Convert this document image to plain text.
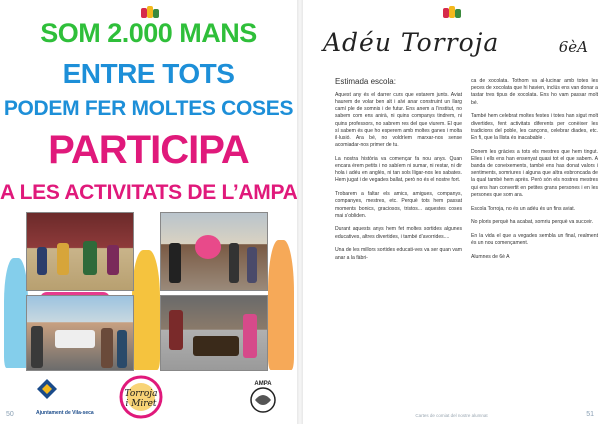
SOM 2.000 MANS
ENTRE TOTS
PODEM FER MOLTES COSES
PARTICIPA
A LES ACTIVITATS DE L’AMPA
Ajuntament de Vila-seca
Torroja
i Miret
AMPA
50
Adéu Torroja	6èA

Estimada escola:

Aquest any és el darrer curs que estarem junts. Aviat haurem de volar ben alt i alvi anar construint un llarg camí ple de somnis i de futur. Ens anem a l’institut, no sabem com ens anirà, ni quins companys tindrem, ni quins professors, no sabrem res del que viurem. El que sí sabem és que ho esperem amb moltes ganes i molta il·lusió. Ara bé, no voldríem marxar-nos sense acomiadar-nos primer de tu.

La nostra història va començar fa nou anys. Quan encara érem petits i no sabíem ni sumar, ni restar, ni dir hola i adéu en anglès, ni tan sols lligar-nos les sabates. Hem jugat i de vegades ballat, però no és el nostre fort.

Trobarem a faltar els amics, amigues, companys, companyes, mestres, etc. Perquè tots hem passat moments bonics, graciosos, tristos... aquestes coses mai s’obliden.

Durant aquests anys hem fet moltes sortides algunes educatives, altres divertides, i també d’avorrides....

Una de les millors sortides educati-ves va ser quan vam anar a la fàbri-

ca de xocolata. Tothom va al·lucinar amb totes les peces de xocolata que hi havien, inclús ens van donar a tastar tres tipus de xocolata. Ens ho vam passar molt bé.

També hem celebrat moltes festes i totes han sigut molt divertides, fent activitats diferents per conèixer les tradicions del poble, les cançons, celebrar diades, etc. En fi, que la llista és inacabable .

Donem les gràcies a tots els mestres que hem tingut. Elles i ells ens han ensenyat quasi tot el que sabem. A banda de coneixements, també ens has donat valors i sentiments, somriures i alguna que altra esbroncada de la qual també hem après. Però són els nostres mestres qui ens han convertit en petites grans persones i en les persones que som ara.

Escola Torroja, no és un adéu és un fins aviat.

No ploris perquè ha acabat, somriu perquè va succeir.

En la vida el que a vegades sembla un final, realment és un nou començament.

Alumnes de 6è A

Cartes de comiat del nostre alumnat	51
